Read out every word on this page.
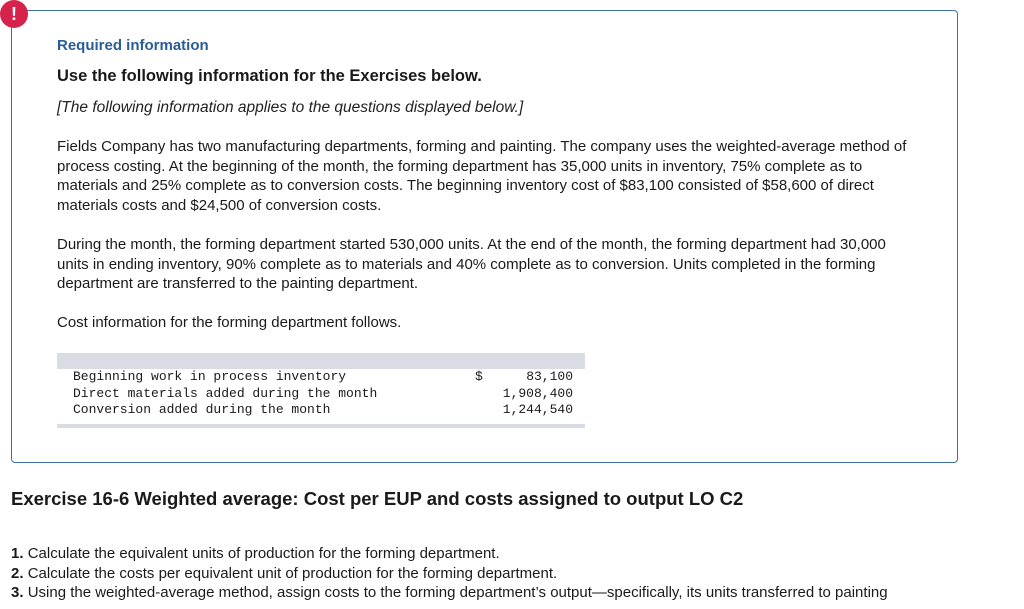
!
Required information
Use the following information for the Exercises below.
[The following information applies to the questions displayed below.]
Fields Company has two manufacturing departments, forming and painting. The company uses the weighted-average method of process costing. At the beginning of the month, the forming department has 35,000 units in inventory, 75% complete as to materials and 25% complete as to conversion costs. The beginning inventory cost of $83,100 consisted of $58,600 of direct materials costs and $24,500 of conversion costs.
During the month, the forming department started 530,000 units. At the end of the month, the forming department had 30,000 units in ending inventory, 90% complete as to materials and 40% complete as to conversion. Units completed in the forming department are transferred to the painting department.
Cost information for the forming department follows.
Beginning work in process inventory	$	83,100
Direct materials added during the month	1,908,400
Conversion added during the month	1,244,540
Exercise 16-6 Weighted average: Cost per EUP and costs assigned to output LO C2
1. Calculate the equivalent units of production for the forming department.
2. Calculate the costs per equivalent unit of production for the forming department.
3. Using the weighted-average method, assign costs to the forming department’s output—specifically, its units transferred to painting
